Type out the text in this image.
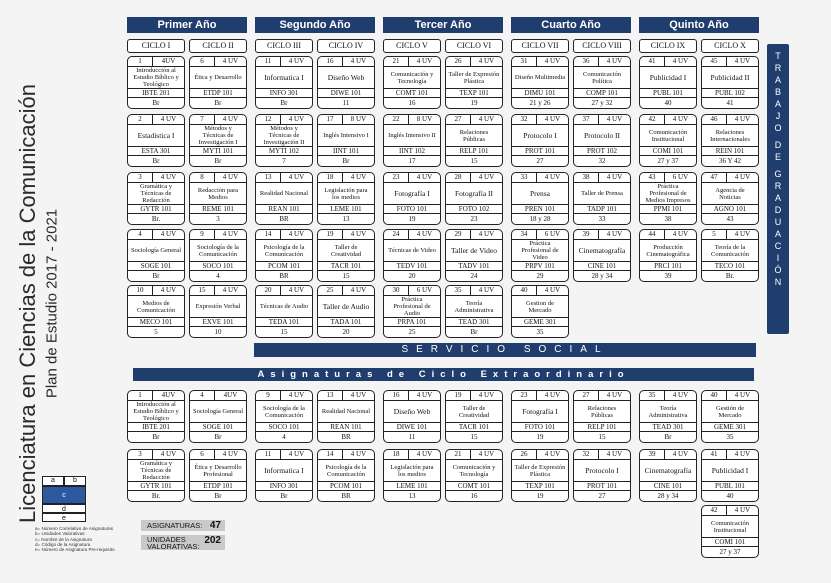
Licenciatura en Ciencias de la Comunicación Plan de Estudio 2017 - 2021
Primer Año	Segundo Año	Tercer Año	Cuarto Año	Quinto Año
CICLO I	CICLO II	CICLO III	CICLO IV	CICLO V	CICLO VI	CICLO VII	CICLO VIII	CICLO IX	CICLO X
1	4UV
Introducción al Estudio Bíblico y Teológico
IBTE 201
Br
6	4 UV
Ética y Desarrollo
ETDP 101
Br
11	4 UV
Informatica I
INFO 301
Br
16	4 UV
Diseño Web
DIWE 101
11
21	4 UV
Comunicación y Tecnología
COMT 101
16
26	4 UV
Taller de Expresión Plástica
TEXP 101
19
31	4 UV
Diseño Multimedia
DIMU 101
21 y 26
36	4 UV
Comunicación Política
COMP 101
27 y 32
41	4 UV
Publicidad I
PUBL 101
40
45	4 UV
Publicidad II
PUBL 102
41
2	4 UV
Estadistica I
ESTA 301
Br
7	4 UV
Métodos y Técnicas de Investigación I
MYTI 101
Br
12	4 UV
Métodos y Técnicas de Investigación II
MYTI 102
7
17	8 UV
Inglés Intensivo I
IINT 101
Br
22	8 UV
Inglés Intensivo II
IINT 102
17
27	4 UV
Relaciones Públicas
RELP 101
15
32	4 UV
Protocolo I
PROT 101
27
37	4 UV
Protocolo II
PROT 102
32
42	4 UV
Comunicación Institucional
COMI 101
27 y 37
46	4 UV
Relaciones Internacionales
REIN 101
36 Y 42
3	4 UV
Gramática y Técnicas de Redacción
GYTR 101
Br.
8	4 UV
Redacción para Medios
REME 101
3
13	4 UV
Realidad Nacional
REAN 101
BR
18	4 UV
Legislación para los medios
LEME 101
13
23	4 UV
Fotografía I
FOTO 101
19
28	4 UV
Fotografía II
FOTO 102
23
33	4 UV
Prensa
PREN 101
18 y 28
38	4 UV
Taller de Prensa
TADP 101
33
43	6 UV
Práctica Profesional de Medios Impresos
PPMI 101
38
47	4 UV
Agencia de Noticias
AGNO 101
43
4	4 UV
Sociología General
SOGE 101
Br
9	4 UV
Sociología de la Comunicación
SOCO 101
4
14	4 UV
Psicología de la Comunicación
PCOM 101
BR
19	4 UV
Taller de Creatividad
TACR 101
15
24	4 UV
Técnicas de Video
TEDV 101
20
29	4 UV
Taller de Video
TADV 101
24
34	6 UV
Práctica Profesional de Video
PRPV 101
29
39	4 UV
Cinematografía
CINE 101
28 y 34
44	4 UV
Producción Cinematográfica
PRCI 101
39
5	4 UV
Teoría de la Comunicación
TECO 101
Br.
10	4 UV
Medios de Comunicación
MECO 101
5
15	4 UV
Expresión Verbal
EXVE 101
10
20	4 UV
Técnicas de Audio
TEDA 101
15
25	4 UV
Taller de Audio
TADA 101
20
30	6 UV
Práctica Profesional de Audio
PRPA 101
25
35	4 UV
Teoría Administrativa
TEAD 301
Br
40	4 UV
Gestion de Mercado
GEME 301
35
1	4UV
Introducción al Estudio Bíblico y Teológico
IBTE 201
Br
4	4UV
Sociología General
SOGE 101
Br
9	4 UV
Sociología de la Comunicación
SOCO 101
4
13	4 UV
Realidad Nacional
REAN 101
BR
16	4 UV
Diseño Web
DIWE 101
11
19	4 UV
Taller de Creatividad
TACR 101
15
23	4 UV
Fotografía I
FOTO 101
19
27	4 UV
Relaciones Públicas
RELP 101
15
35	4 UV
Teoría Administrativa
TEAD 301
Br
40	4 UV
Gestión de Mercado
GEME 301
35
3	4 UV
Gramática y Técnicas de Redacción
GYTR 101
Br.
6	4 UV
Ética y Desarrollo Profesional
ETDP 101
Br
11	4 UV
Informatica I
INFO 301
Br
14	4 UV
Psicología de la Comunicación
PCOM 101
BR
18	4 UV
Legislación para los medios
LEME 101
13
21	4 UV
Comunicación y Tecnología
COMT 101
16
26	4 UV
Taller de Expresión Plástica
TEXP 101
19
32	4 UV
Protocolo I
PROT 101
27
39	4 UV
Cinematografía
CINE 101
28 y 34
41	4 UV
Publicidad I
PUBL 101
40
42	4 UV
Comunicación Institucional
COMI 101
27 y 37
T
R
A
B
A
J
O
D
E
G
R
A
D
U
A
C
I
Ó
N
SERVICIO SOCIAL
Asignaturas de Ciclo Extraordinario
a	b
c
d
e
a= Número Correlativo de Asignaturas
b= Unidades Valorativas
c= Nombre de la Asignatura
d= Código de la Asignatura
e= Número de Asignatura Pre-requisito
ASIGNATURAS: 47
UNIDADES VALORATIVAS:
202
